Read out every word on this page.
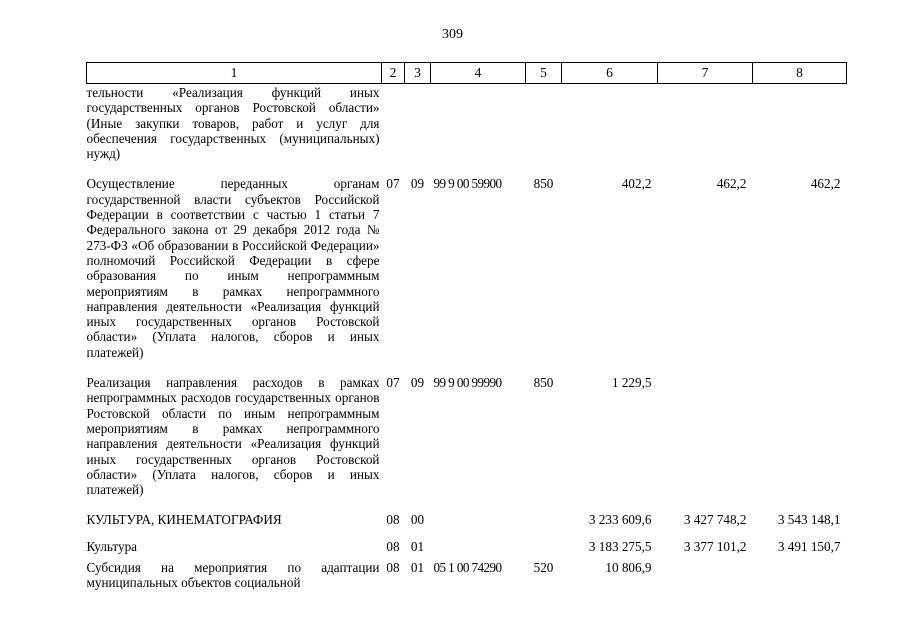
309
1	2	3	4	5	6	7	8
тельности «Реализация функций иных государственных органов Ростовской области» (Иные закупки товаров, работ и услуг для обеспечения государственных (муниципальных) нужд)							
Осуществление переданных органам государственной власти субъектов Российской Федерации в соответствии с частью 1 статьи 7 Федерального закона от 29 декабря 2012 года № 273-ФЗ «Об образовании в Российской Федерации» полномочий Российской Федерации в сфере образования по иным непрограммным мероприятиям в рамках непрограммного направления деятельности «Реализация функций иных государственных органов Ростовской области» (Уплата налогов, сборов и иных платежей)	07	09	99 9 00 59900	850	402,2	462,2	462,2
Реализация направления расходов в рамках непрограммных расходов государственных органов Ростовской области по иным непрограммным мероприятиям в рамках непрограммного направления деятельности «Реализация функций иных государственных органов Ростовской области» (Уплата налогов, сборов и иных платежей)	07	09	99 9 00 99990	850	1 229,5		
КУЛЬТУРА, КИНЕМАТОГРАФИЯ	08	00			3 233 609,6	3 427 748,2	3 543 148,1
Культура	08	01			3 183 275,5	3 377 101,2	3 491 150,7
Субсидия на мероприятия по адаптации муниципальных объектов социальной	08	01	05 1 00 74290	520	10 806,9		
